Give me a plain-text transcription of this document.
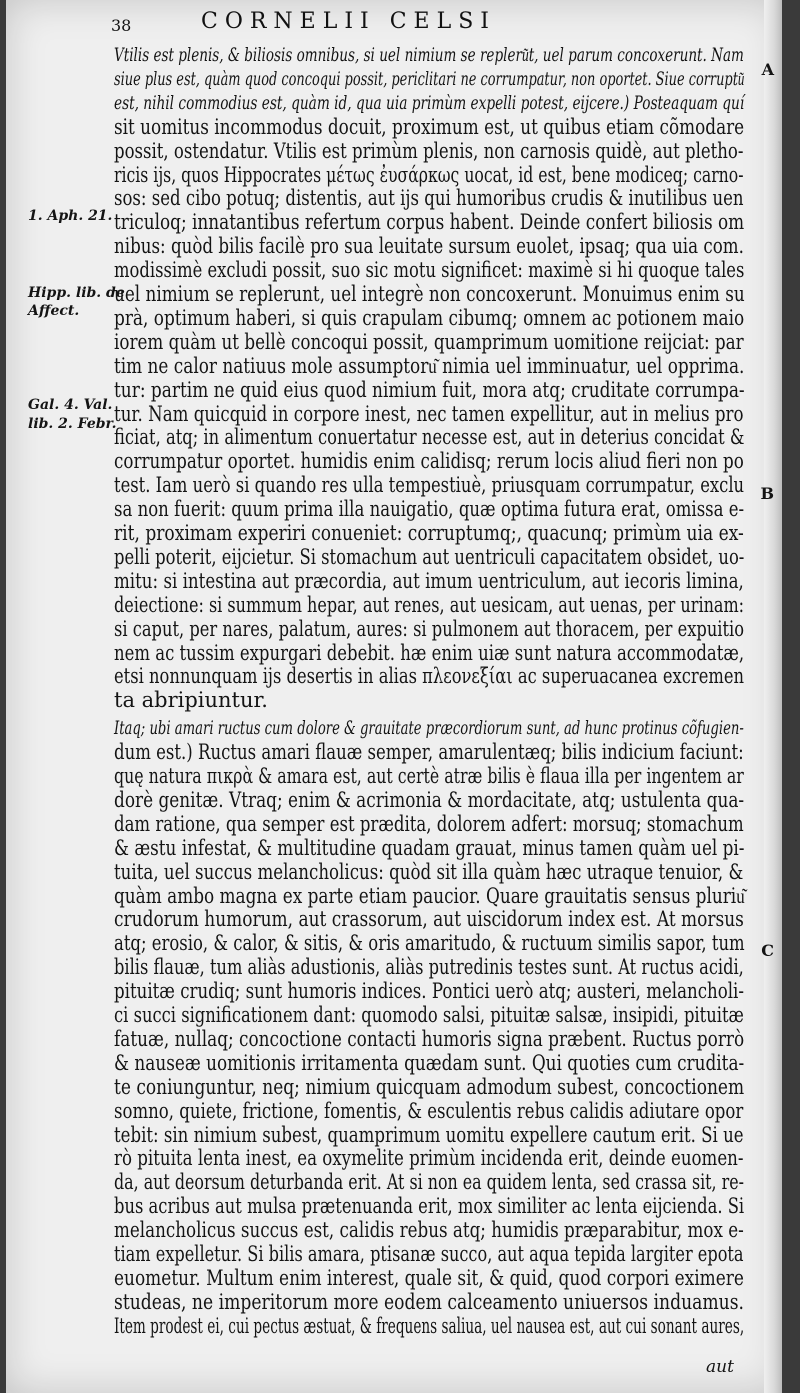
38	CORNELII CELSI
1. Aph. 21.
Hipp. lib. de
Affect.
Gal. 4. Val.
lib. 2. Febr.
A
B
C
aut
Vtilis est plenis, & biliosis omnibus, si uel nimium se repleru͂t, uel parum concoxerunt. Nam
siue plus est, quàm quod concoqui possit, periclitari ne corrumpatur, non oportet. Siue corruptu͂
est, nihil commodius est, quàm id, qua uia primùm expelli potest, eijcere.) Posteaquam quí
sit uomitus incommodus docuit, proximum est, ut quibus etiam cõmodare
possit, ostendatur. Vtilis est primùm plenis, non carnosis quidè, aut pletho-
ricis ijs, quos Hippocrates μέτως ἐυσάρκως uocat, id est, bene modiceq; carno-
sos: sed cibo potuq; distentis, aut ijs qui humoribus crudis & inutilibus uen
triculoq; innatantibus refertum corpus habent. Deinde confert biliosis om
nibus: quòd bilis facilè pro sua leuitate sursum euolet, ipsaq; qua uia com.
modissimè excludi possit, suo sic motu significet: maximè si hi quoque tales
uel nimium se replerunt, uel integrè non concoxerunt. Monuimus enim su
prà, optimum haberi, si quis crapulam cibumq; omnem ac potionem maio
iorem quàm ut bellè concoqui possit, quamprimum uomitione reijciat: par
tim ne calor natiuus mole assumptoru͂ nimia uel imminuatur, uel opprima.
tur: partim ne quid eius quod nimium fuit, mora atq; cruditate corrumpa-
tur. Nam quicquid in corpore inest, nec tamen expellitur, aut in melius pro
ficiat, atq; in alimentum conuertatur necesse est, aut in deterius concidat &
corrumpatur oportet. humidis enim calidisq; rerum locis aliud fieri non po
test. Iam uerò si quando res ulla tempestiuè, priusquam corrumpatur, exclu
sa non fuerit: quum prima illa nauigatio, quæ optima futura erat, omissa e-
rit, proximam experiri conueniet: corruptumq;, quacunq; primùm uia ex-
pelli poterit, eijcietur. Si stomachum aut uentriculi capacitatem obsidet, uo-
mitu: si intestina aut præcordia, aut imum uentriculum, aut iecoris limina,
deiectione: si summum hepar, aut renes, aut uesicam, aut uenas, per urinam:
si caput, per nares, palatum, aures: si pulmonem aut thoracem, per expuitio
nem ac tussim expurgari debebit. hæ enim uiæ sunt natura accommodatæ,
etsi nonnunquam ijs desertis in alias πλεονεξίαι ac superuacanea excremen
ta abripiuntur.
Itaq; ubi amari ructus cum dolore & grauitate præcordiorum sunt, ad hunc protinus cõfugien-
dum est.) Ructus amari flauæ semper, amarulentæq; bilis indicium faciunt:
quę natura πικρὰ & amara est, aut certè atræ bilis è flaua illa per ingentem ar
dorè genitæ. Vtraq; enim & acrimonia & mordacitate, atq; ustulenta qua-
dam ratione, qua semper est prædita, dolorem adfert: morsuq; stomachum
& æstu infestat, & multitudine quadam grauat, minus tamen quàm uel pi-
tuita, uel succus melancholicus: quòd sit illa quàm hæc utraque tenuior, &
quàm ambo magna ex parte etiam paucior. Quare grauitatis sensus pluriu͂
crudorum humorum, aut crassorum, aut uiscidorum index est. At morsus
atq; erosio, & calor, & sitis, & oris amaritudo, & ructuum similis sapor, tum
bilis flauæ, tum aliàs adustionis, aliàs putredinis testes sunt. At ructus acidi,
pituitæ crudiq; sunt humoris indices. Pontici uerò atq; austeri, melancholi-
ci succi significationem dant: quomodo salsi, pituitæ salsæ, insipidi, pituitæ
fatuæ, nullaq; concoctione contacti humoris signa præbent. Ructus porrò
& nauseæ uomitionis irritamenta quædam sunt. Qui quoties cum crudita-
te coniunguntur, neq; nimium quicquam admodum subest, concoctionem
somno, quiete, frictione, fomentis, & esculentis rebus calidis adiutare opor
tebit: sin nimium subest, quamprimum uomitu expellere cautum erit. Si ue
rò pituita lenta inest, ea oxymelite primùm incidenda erit, deinde euomen-
da, aut deorsum deturbanda erit. At si non ea quidem lenta, sed crassa sit, re-
bus acribus aut mulsa prætenuanda erit, mox similiter ac lenta eijcienda. Si
melancholicus succus est, calidis rebus atq; humidis præparabitur, mox e-
tiam expelletur. Si bilis amara, ptisanæ succo, aut aqua tepida largiter epota
euometur. Multum enim interest, quale sit, & quid, quod corpori eximere
studeas, ne imperitorum more eodem calceamento uniuersos induamus.
Item prodest ei, cui pectus æstuat, & frequens saliua, uel nausea est, aut cui sonant aures,
